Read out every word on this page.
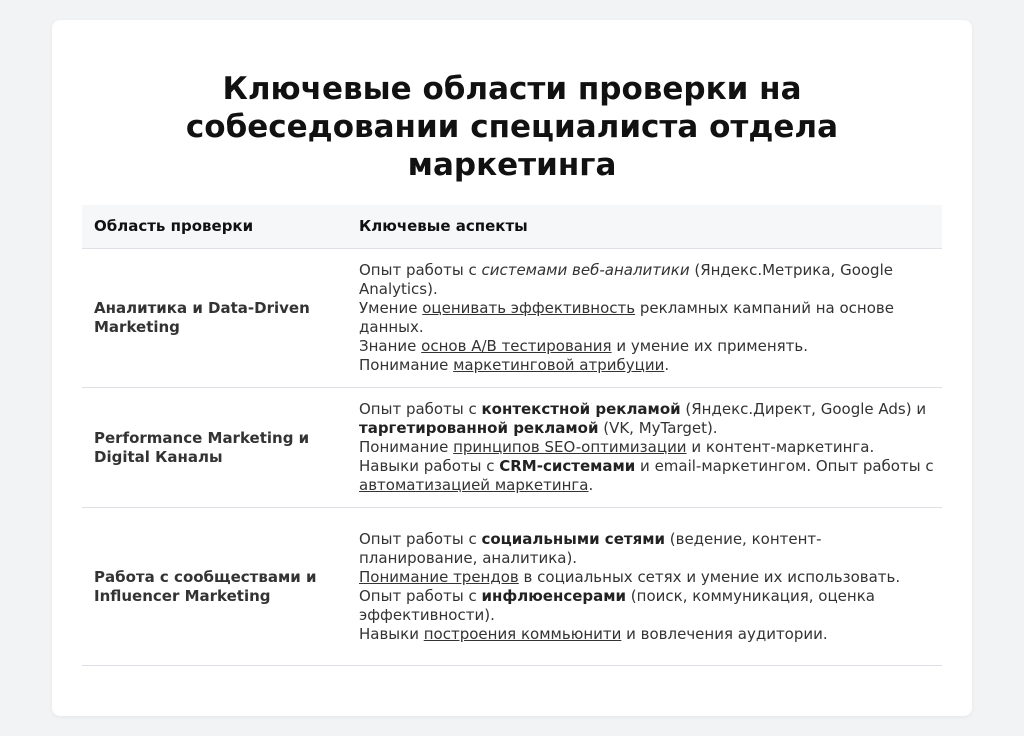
Ключевые области проверки на собеседовании специалиста отдела маркетинга
Область проверки	Ключевые аспекты
Аналитика и Data-Driven Marketing	Опыт работы с системами веб-аналитики (Яндекс.Метрика, Google Analytics).
Умение оценивать эффективность рекламных кампаний на основе данных.
Знание основ A/B тестирования и умение их применять.
Понимание маркетинговой атрибуции.

Performance Marketing и Digital Каналы	Опыт работы с контекстной рекламой (Яндекс.Директ, Google Ads) и таргетированной рекламой (VK, MyTarget).
Понимание принципов SEO-оптимизации и контент-маркетинга.
Навыки работы с CRM-системами и email-маркетингом. Опыт работы с автоматизацией маркетинга.

Работа с сообществами и Influencer Marketing	Опыт работы с социальными сетями (ведение, контент-планирование, аналитика).
Понимание трендов в социальных сетях и умение их использовать.
Опыт работы с инфлюенсерами (поиск, коммуникация, оценка эффективности).
Навыки построения коммьюнити и вовлечения аудитории.
